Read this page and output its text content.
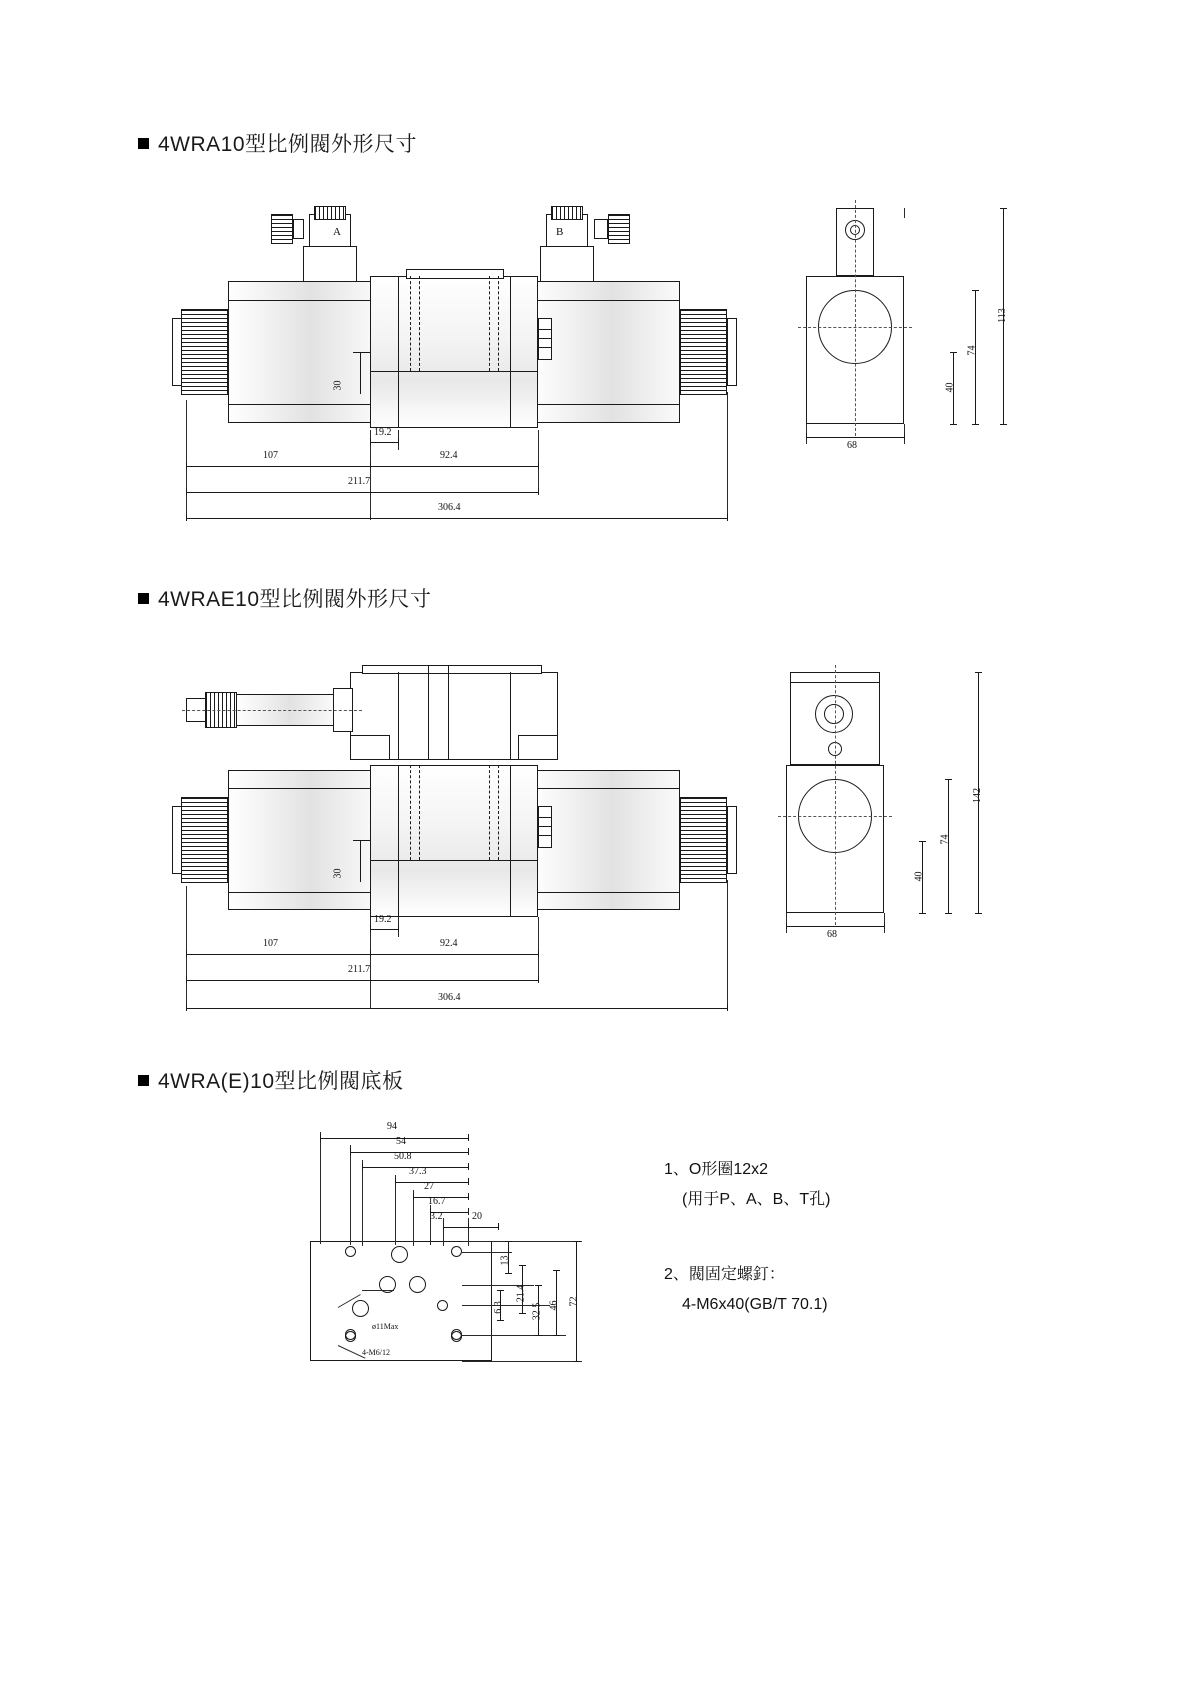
4WRA10型比例閥外形尺寸
A	B
30
19.2
107	92.4
211.7
306.4
113
74
40
68
4WRAE10型比例閥外形尺寸
30
19.2
107	92.4
211.7
306.4
142
74
40
68
4WRA(E)10型比例閥底板
ø11Max
4-M6/12
94
54
50.8
37.3
27
16.7
3.2	20
13
21.4
6.3	32.5 46 72
1、O形圈12x2
(用于P、A、B、T孔)
2、閥固定螺釘：
4-M6x40(GB/T 70.1)
